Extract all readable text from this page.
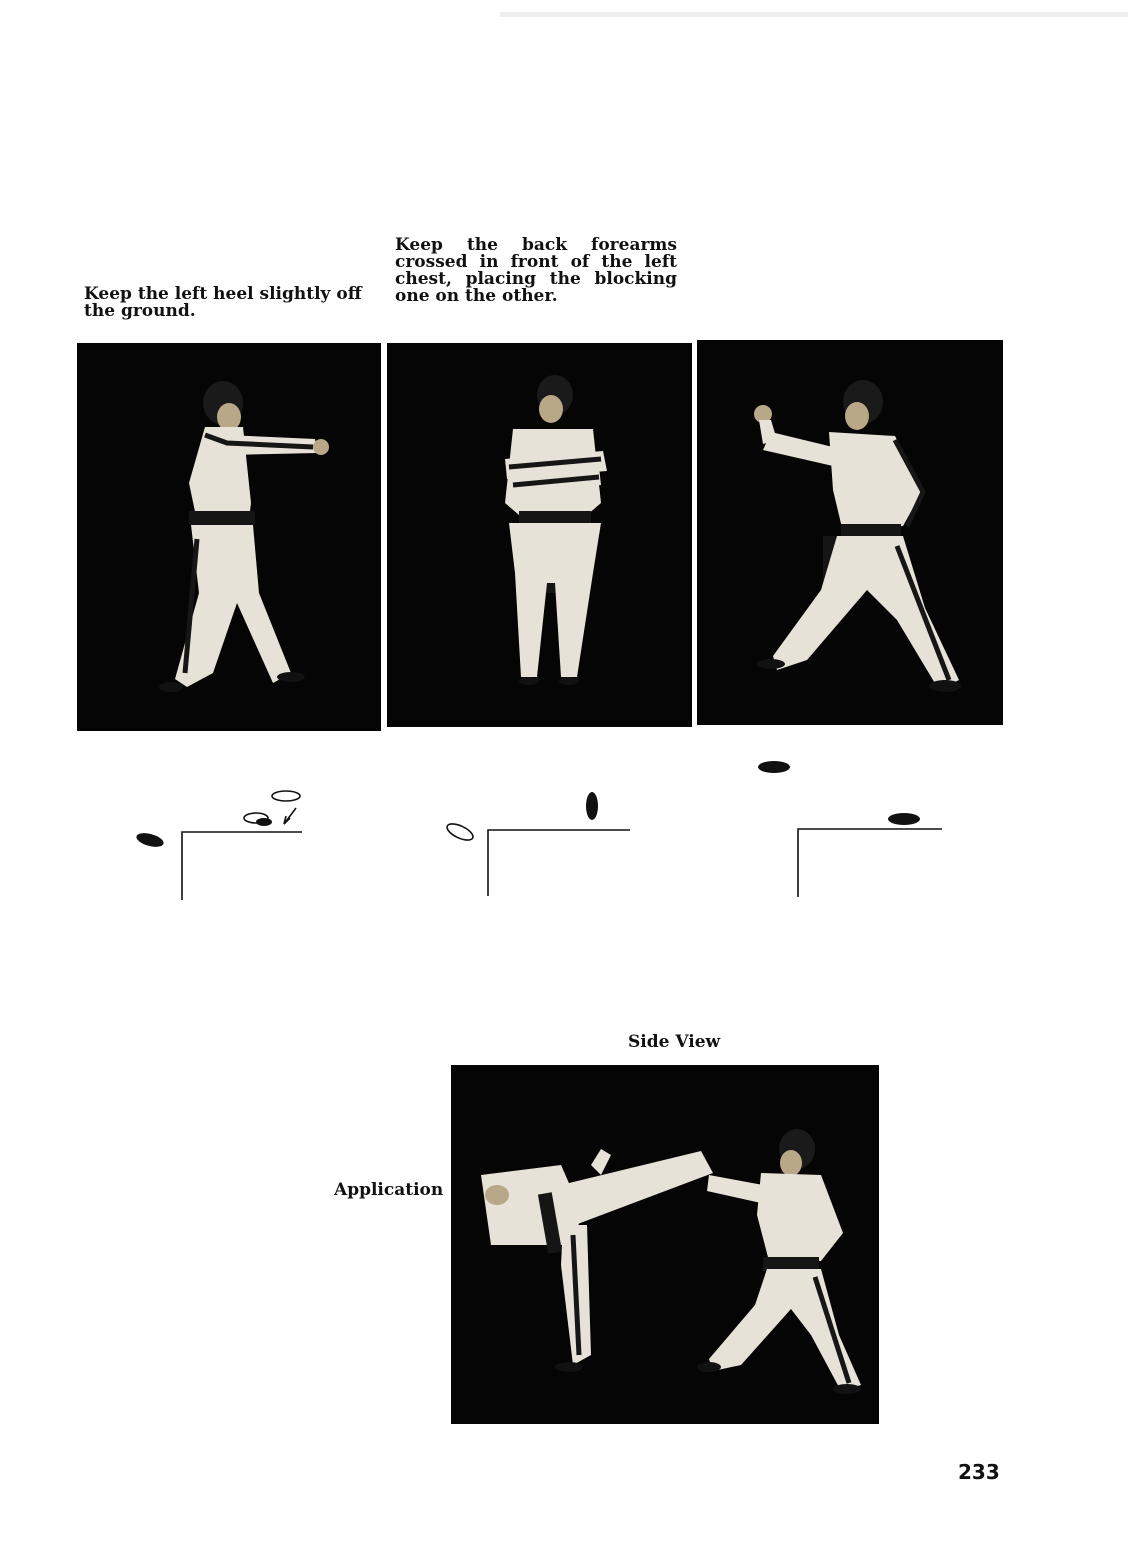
Keep the left heel slightly off the ground.

Keep the back forearms crossed in front of the left chest, placing the blocking one on the other.

Side View
Application
233
